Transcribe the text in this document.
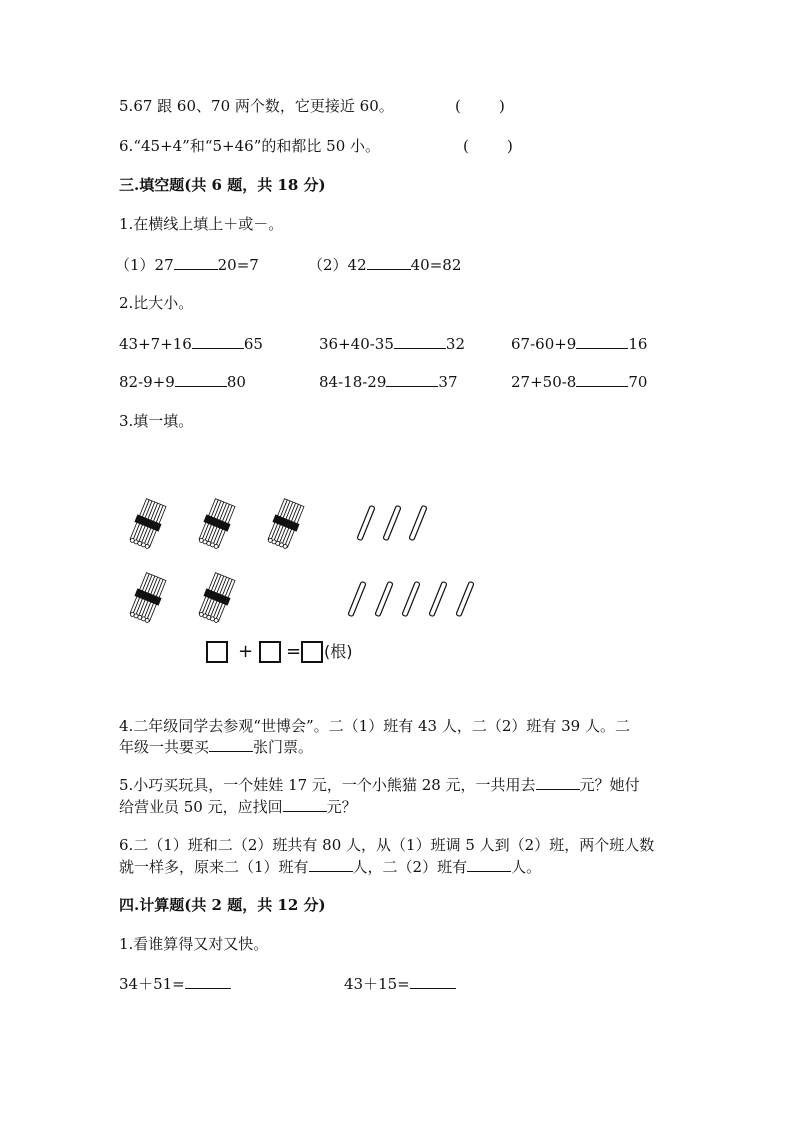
5.67 跟 60、70 两个数，它更接近 60。	(        )
6.“45+4”和“5+46”的和都比 50 小。	(        )
三.填空题(共 6 题，共 18 分)
1.在横线上填上＋或－。
（1）27	20=7	（2）42	40=82
2.比大小。
43+7+16	65	36+40-35	32	67-60+9	16
82-9+9	80	84-18-29	37	27+50-8	70
3.填一填。
+ = (根)
4.二年级同学去参观“世博会”。二（1）班有 43 人，二（2）班有 39 人。二
年级一共要买	张门票。
5.小巧买玩具，一个娃娃 17 元，一个小熊猫 28 元，一共用去	元？她付
给营业员 50 元，应找回	元？
6.二（1）班和二（2）班共有 80 人，从（1）班调 5 人到（2）班，两个班人数
就一样多，原来二（1）班有	人，二（2）班有	人。
四.计算题(共 2 题，共 12 分)
1.看谁算得又对又快。
34＋51=	43＋15=
